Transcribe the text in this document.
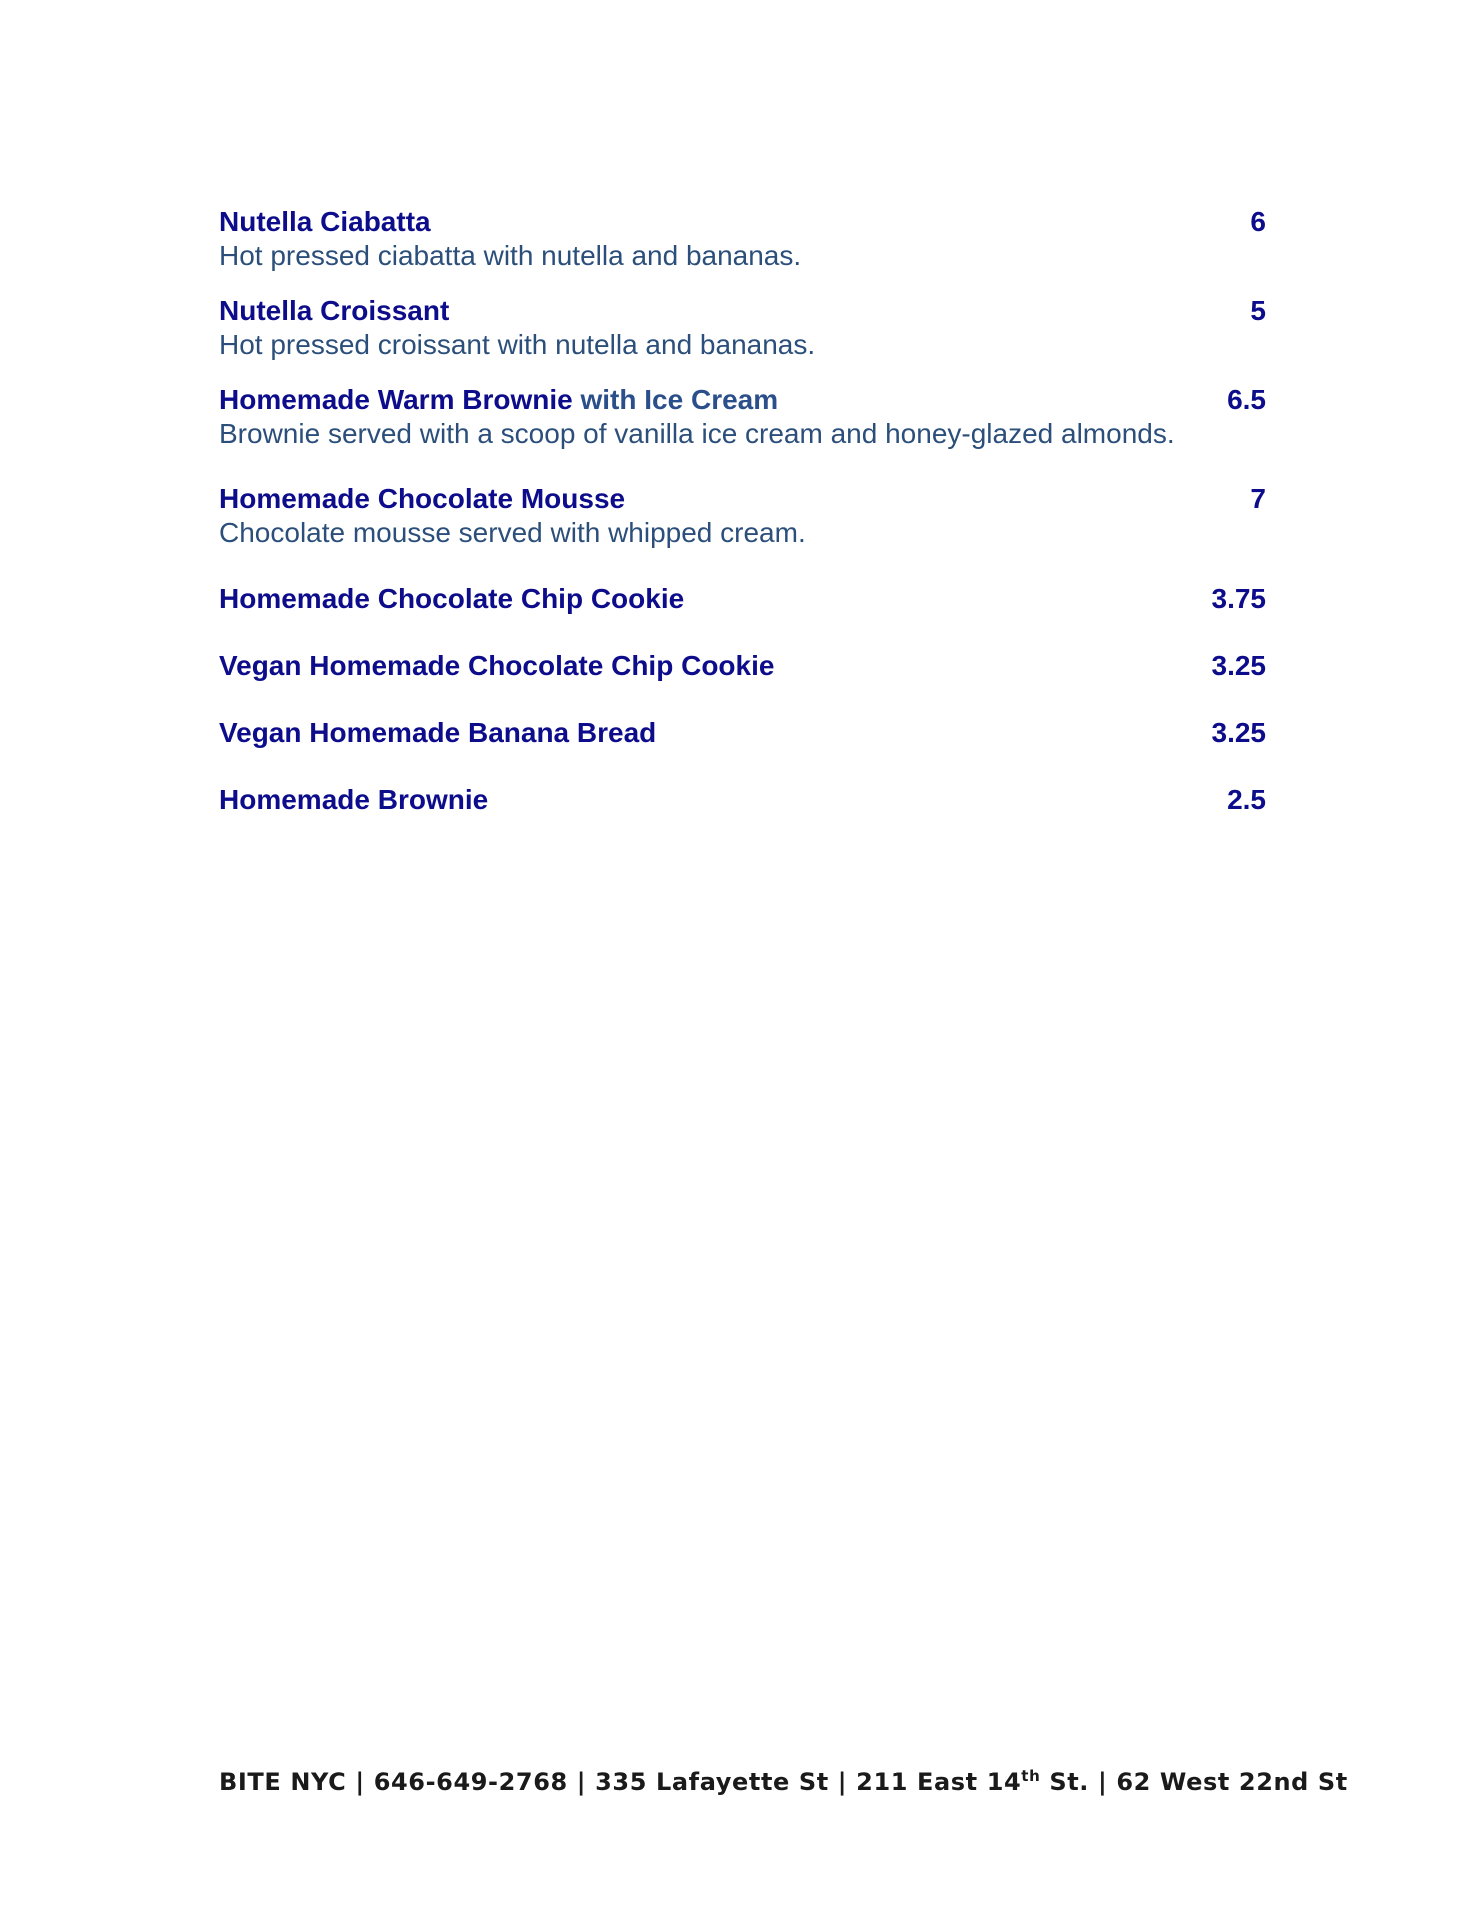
Nutella Ciabatta	6
Hot pressed ciabatta with nutella and bananas.
Nutella Croissant	5
Hot pressed croissant with nutella and bananas.
Homemade Warm Brownie with Ice Cream	6.5
Brownie served with a scoop of vanilla ice cream and honey-glazed almonds.
Homemade Chocolate Mousse	7
Chocolate mousse served with whipped cream.
Homemade Chocolate Chip Cookie	3.75
Vegan Homemade Chocolate Chip Cookie	3.25
Vegan Homemade Banana Bread	3.25
Homemade Brownie	2.5
BITE NYC | 646-649-2768 | 335 Lafayette St | 211 East 14th St. | 62 West 22nd St
